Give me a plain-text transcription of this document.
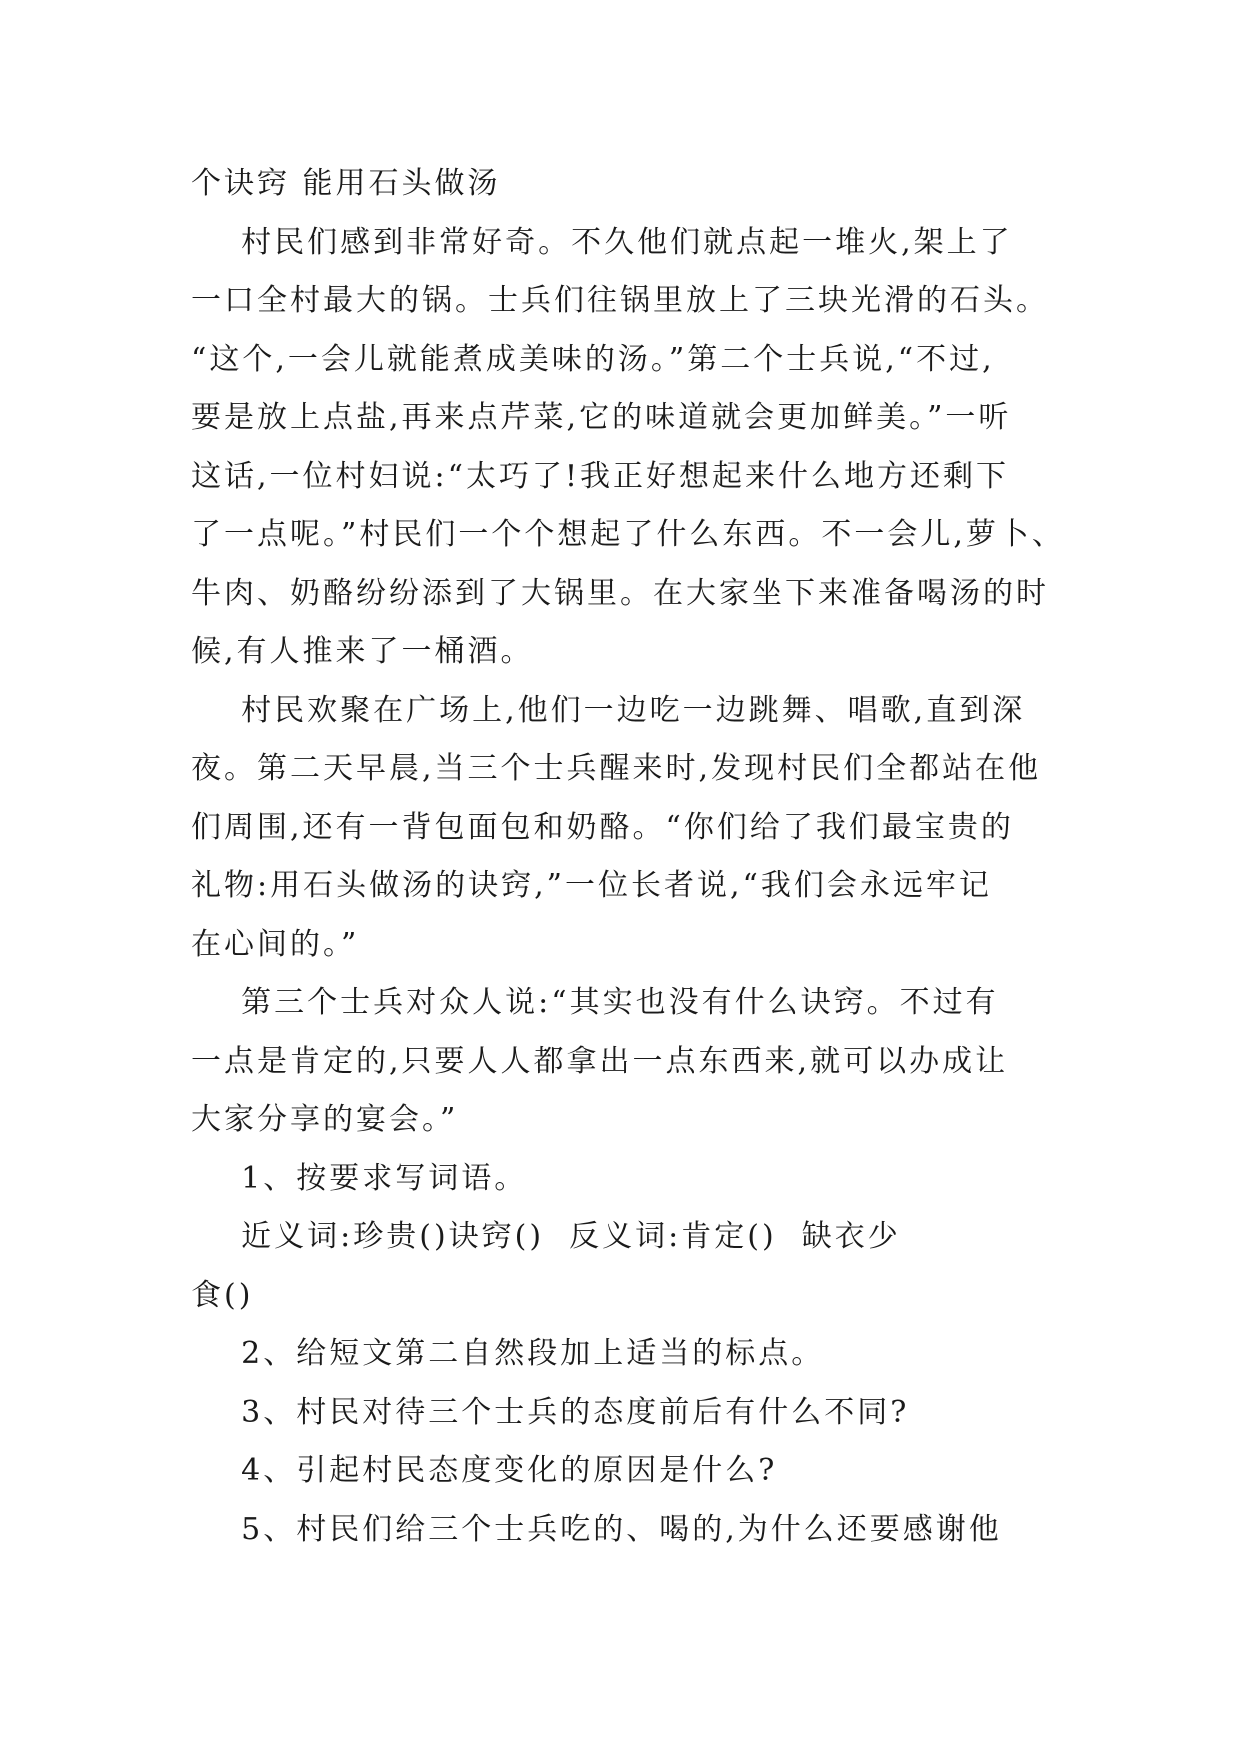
个诀窍 能用石头做汤

村民们感到非常好奇。不久他们就点起一堆火,架上了

一口全村最大的锅。士兵们往锅里放上了三块光滑的石头。

“这个,一会儿就能煮成美味的汤。”第二个士兵说,“不过,

要是放上点盐,再来点芹菜,它的味道就会更加鲜美。”一听

这话,一位村妇说:“太巧了!我正好想起来什么地方还剩下

了一点呢。”村民们一个个想起了什么东西。不一会儿,萝卜、

牛肉、奶酪纷纷添到了大锅里。在大家坐下来准备喝汤的时

候,有人推来了一桶酒。

村民欢聚在广场上,他们一边吃一边跳舞、唱歌,直到深

夜。第二天早晨,当三个士兵醒来时,发现村民们全都站在他

们周围,还有一背包面包和奶酪。“你们给了我们最宝贵的

礼物:用石头做汤的诀窍,”一位长者说,“我们会永远牢记

在心间的。”

第三个士兵对众人说:“其实也没有什么诀窍。不过有

一点是肯定的,只要人人都拿出一点东西来,就可以办成让

大家分享的宴会。”

1、按要求写词语。

近义词:珍贵()诀窍()  反义词:肯定()  缺衣少

食()

2、给短文第二自然段加上适当的标点。

3、村民对待三个士兵的态度前后有什么不同?

4、引起村民态度变化的原因是什么?

5、村民们给三个士兵吃的、喝的,为什么还要感谢他
